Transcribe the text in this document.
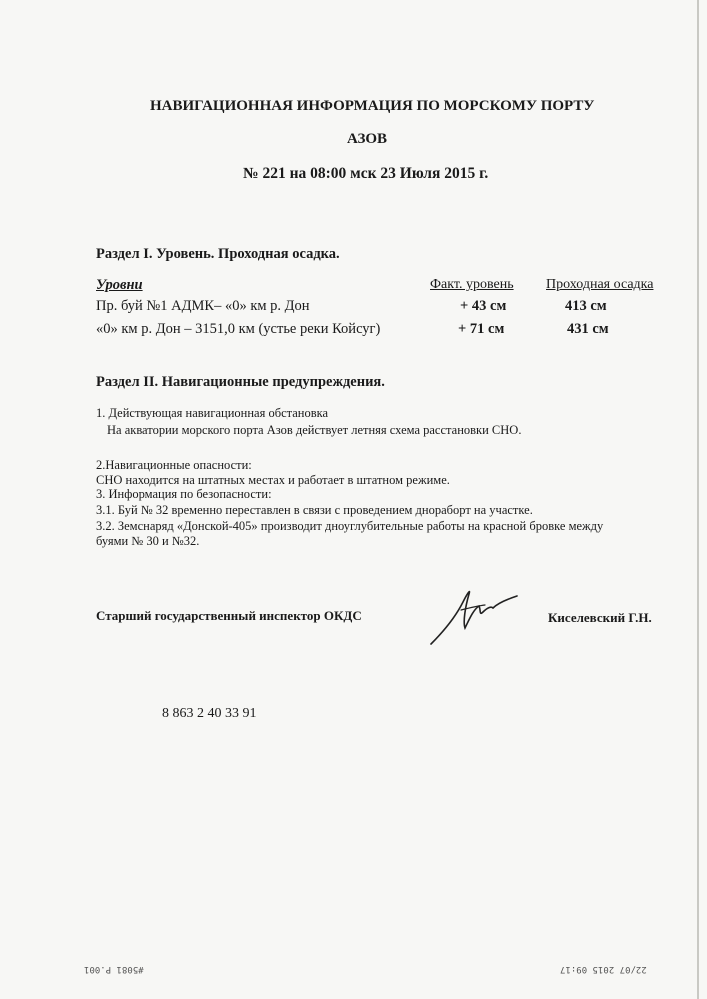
НАВИГАЦИОННАЯ ИНФОРМАЦИЯ ПО МОРСКОМУ ПОРТУ
АЗОВ
№ 221 на 08:00 мск 23 Июля 2015 г.
Раздел I. Уровень. Проходная осадка.
Уровни	Факт. уровень Проходная осадка
Пр. буй №1 АДМК– «0» км р. Дон	+ 43 см	413 см
«0» км р. Дон – 3151,0 км (устье реки Койсуг)	+ 71 см	431 см
Раздел II. Навигационные предупреждения.
1. Действующая навигационная обстановка
На акватории морского порта Азов действует летняя схема расстановки СНО.
2.Навигационные опасности:
СНО находится на штатных местах и работает в штатном режиме.
3. Информация по безопасности:
3.1. Буй № 32 временно переставлен в связи с проведением днораборт на участке.
3.2. Земснаряд «Донской-405» производит дноуглубительные работы на красной бровке между
буями № 30 и №32.
Старший государственный инспектор ОКДС	Киселевский Г.Н.
8 863 2 40 33 91
#5081 P.001	22/07 2015 09:17
